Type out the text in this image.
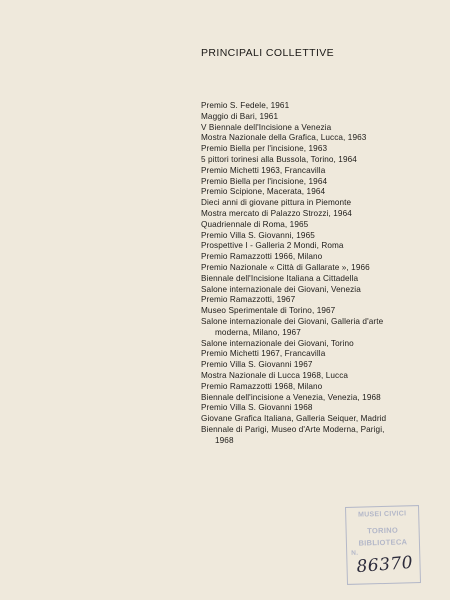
PRINCIPALI COLLETTIVE
Premio S. Fedele, 1961
Maggio di Bari, 1961
V Biennale dell'Incisione a Venezia
Mostra Nazionale della Grafica, Lucca, 1963
Premio Biella per l'incisione, 1963
5 pittori torinesi alla Bussola, Torino, 1964
Premio Michetti 1963, Francavilla
Premio Biella per l'incisione, 1964
Premio Scipione, Macerata, 1964
Dieci anni di giovane pittura in Piemonte
Mostra mercato di Palazzo Strozzi, 1964
Quadriennale di Roma, 1965
Premio Villa S. Giovanni, 1965
Prospettive I - Galleria 2 Mondi, Roma
Premio Ramazzotti 1966, Milano
Premio Nazionale « Città di Gallarate », 1966
Biennale dell'Incisione Italiana a Cittadella
Salone internazionale dei Giovani, Venezia
Premio Ramazzotti, 1967
Museo Sperimentale di Torino, 1967
Salone internazionale dei Giovani, Galleria d'arte
moderna, Milano, 1967
Salone internazionale dei Giovani, Torino
Premio Michetti 1967, Francavilla
Premio Villa S. Giovanni 1967
Mostra Nazionale di Lucca 1968, Lucca
Premio Ramazzotti 1968, Milano
Biennale dell'incisione a Venezia, Venezia, 1968
Premio Villa S. Giovanni 1968
Giovane Grafica Italiana, Galleria Seiquer, Madrid
Biennale di Parigi, Museo d'Arte Moderna, Parigi,
1968
MUSEI CIVICI
TORINO
BIBLIOTECA
N.
86370
